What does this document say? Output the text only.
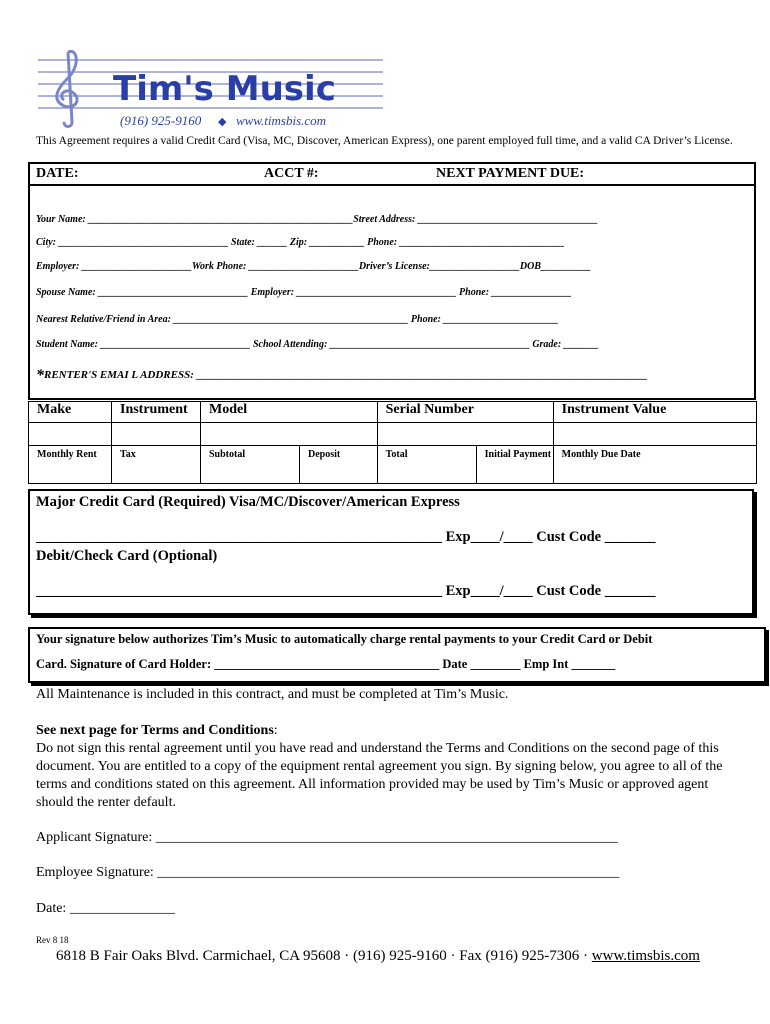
Tim's Music
(916) 925-9160 ◆ www.timsbis.com
This Agreement requires a valid Credit Card (Visa, MC, Discover, American Express), one parent employed full time, and a valid CA Driver’s License.
DATE:	ACCT #:	NEXT PAYMENT DUE:
Your Name: _____________________________________________________Street Address: ____________________________________
City: __________________________________ State: ______ Zip: ___________ Phone: _________________________________
Employer: ______________________Work Phone: ______________________Driver’s License:__________________DOB__________
Spouse Name: ______________________________ Employer: ________________________________ Phone: ________________
Nearest Relative/Friend in Area: _______________________________________________ Phone: _______________________
Student Name: ______________________________ School Attending: ________________________________________ Grade: _______
*RENTER'S EMAI L ADDRESS: __________________________________________________________________________________
Make	Instrument	Model		Serial Number		Instrument Value

Monthly Rent	Tax	Subtotal	Deposit	Total	Initial Payment	Monthly Due Date
Major Credit Card (Required) Visa/MC/Discover/American Express
________________________________________________________ Exp____/____ Cust Code _______
Debit/Check Card (Optional)
________________________________________________________ Exp____/____ Cust Code _______
Your signature below authorizes Tim’s Music to automatically charge rental payments to your Credit Card or Debit
Card. Signature of Card Holder: ____________________________________ Date ________ Emp Int _______
All Maintenance is included in this contract, and must be completed at Tim’s Music.
See next page for Terms and Conditions:
Do not sign this rental agreement until you have read and understand the Terms and Conditions on the second page of this document. You are entitled to a copy of the equipment rental agreement you sign. By signing below, you agree to all of the terms and conditions stated on this agreement. All information provided may be used by Tim’s Music or approved agent should the renter default.
Applicant Signature: __________________________________________________________________
Employee Signature: __________________________________________________________________
Date: _______________
Rev 8 18
6818 B Fair Oaks Blvd. Carmichael, CA 95608 · (916) 925-9160 · Fax (916) 925-7306 · www.timsbis.com
